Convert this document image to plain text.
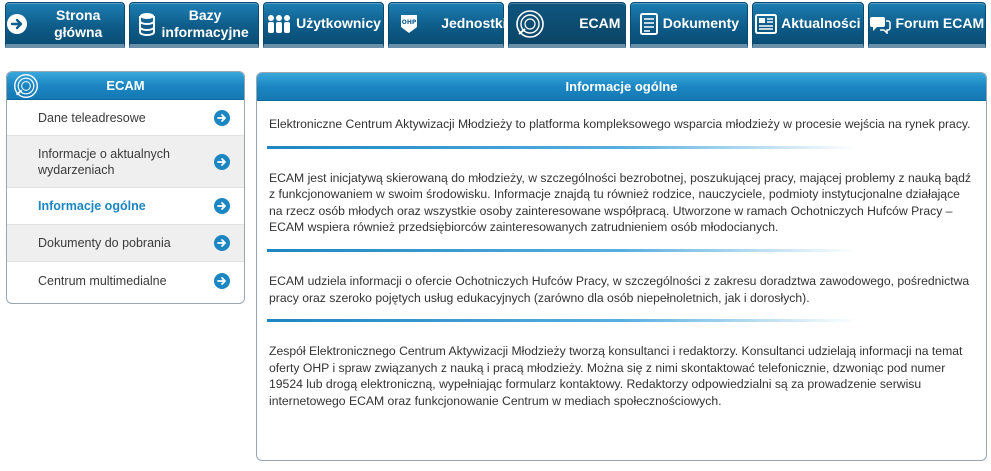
Strona główna
Bazy informacyjne
Użytkownicy	OHP Jednostki	ECAM	Dokumenty	Aktualności Forum ECAM
ECAM
Dane teleadresowe
Informacje o aktualnych wydarzeniach
Informacje ogólne
Dokumenty do pobrania
Centrum multimedialne
Informacje ogólne

Elektroniczne Centrum Aktywizacji Młodzieży to platforma kompleksowego wsparcia młodzieży w procesie wejścia na rynek pracy.

ECAM jest inicjatywą skierowaną do młodzieży, w szczególności bezrobotnej, poszukującej pracy, mającej problemy z nauką bądź z funkcjonowaniem w swoim środowisku. Informacje znajdą tu również rodzice, nauczyciele, podmioty instytucjonalne działające na rzecz osób młodych oraz wszystkie osoby zainteresowane współpracą. Utworzone w ramach Ochotniczych Hufców Pracy – ECAM wspiera również przedsiębiorców zainteresowanych zatrudnieniem osób młodocianych.

ECAM udziela informacji o ofercie Ochotniczych Hufców Pracy, w szczególności z zakresu doradztwa zawodowego, pośrednictwa pracy oraz szeroko pojętych usług edukacyjnych (zarówno dla osób niepełnoletnich, jak i dorosłych).

Zespół Elektronicznego Centrum Aktywizacji Młodzieży tworzą konsultanci i redaktorzy. Konsultanci udzielają informacji na temat oferty OHP i spraw związanych z nauką i pracą młodzieży. Można się z nimi skontaktować telefonicznie, dzwoniąc pod numer 19524 lub drogą elektroniczną, wypełniając formularz kontaktowy. Redaktorzy odpowiedzialni są za prowadzenie serwisu internetowego ECAM oraz funkcjonowanie Centrum w mediach społecznościowych.
